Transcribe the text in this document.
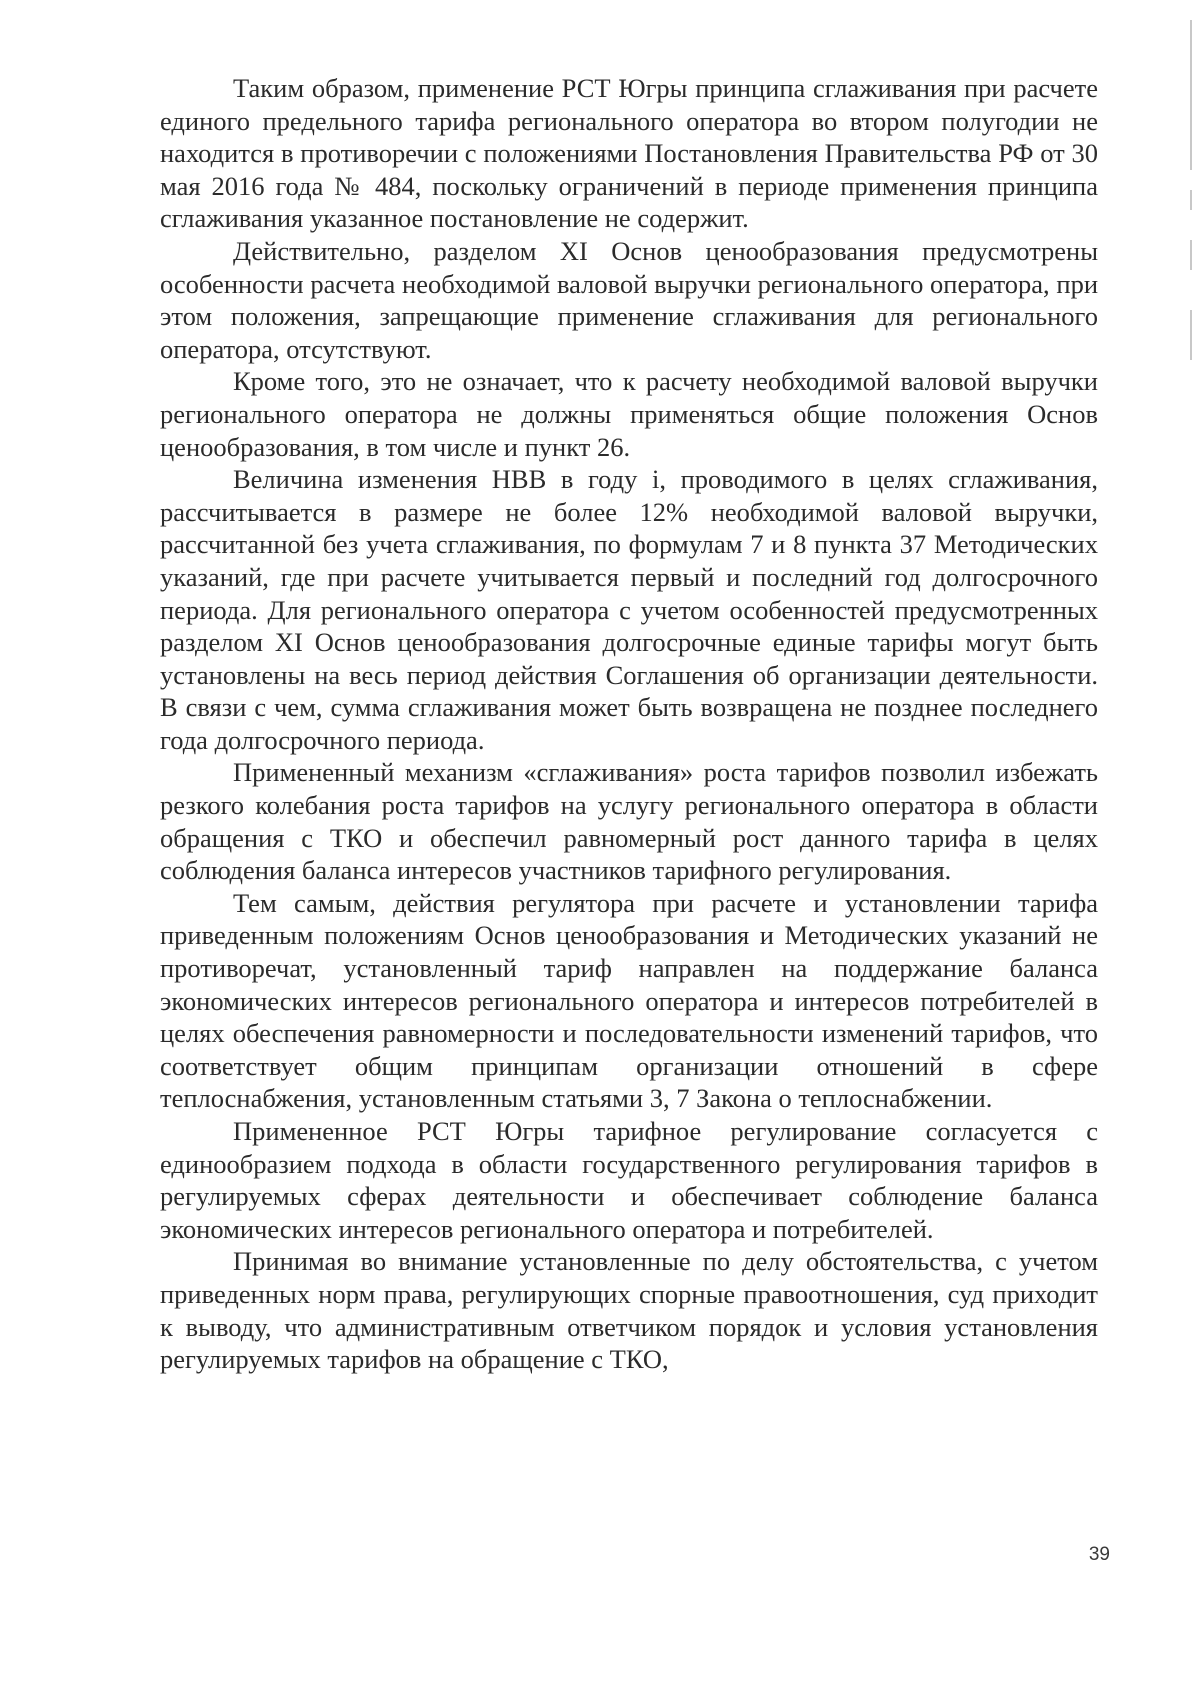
Таким образом, применение РСТ Югры принципа сглаживания при расчете единого предельного тарифа регионального оператора во втором полугодии не находится в противоречии с положениями Постановления Правительства РФ от 30 мая 2016 года № 484, поскольку ограничений в периоде применения принципа сглаживания указанное постановление не содержит.

Действительно, разделом XI Основ ценообразования предусмотрены особенности расчета необходимой валовой выручки регионального оператора, при этом положения, запрещающие применение сглаживания для регионального оператора, отсутствуют.

Кроме того, это не означает, что к расчету необходимой валовой выручки регионального оператора не должны применяться общие положения Основ ценообразования, в том числе и пункт 26.

Величина изменения НВВ в году i, проводимого в целях сглаживания, рассчитывается в размере не более 12% необходимой валовой выручки, рассчитанной без учета сглаживания, по формулам 7 и 8 пункта 37 Методических указаний, где при расчете учитывается первый и последний год долгосрочного периода. Для регионального оператора с учетом особенностей предусмотренных разделом XI Основ ценообразования долгосрочные единые тарифы могут быть установлены на весь период действия Соглашения об организации деятельности. В связи с чем, сумма сглаживания может быть возвращена не позднее последнего года долгосрочного периода.

Примененный механизм «сглаживания» роста тарифов позволил избежать резкого колебания роста тарифов на услугу регионального оператора в области обращения с ТКО и обеспечил равномерный рост данного тарифа в целях соблюдения баланса интересов участников тарифного регулирования.

Тем самым, действия регулятора при расчете и установлении тарифа приведенным положениям Основ ценообразования и Методических указаний не противоречат, установленный тариф направлен на поддержание баланса экономических интересов регионального оператора и интересов потребителей в целях обеспечения равномерности и последовательности изменений тарифов, что соответствует общим принципам организации отношений в сфере теплоснабжения, установленным статьями 3, 7 Закона о теплоснабжении.

Примененное РСТ Югры тарифное регулирование согласуется с единообразием подхода в области государственного регулирования тарифов в регулируемых сферах деятельности и обеспечивает соблюдение баланса экономических интересов регионального оператора и потребителей.

Принимая во внимание установленные по делу обстоятельства, с учетом приведенных норм права, регулирующих спорные правоотношения, суд приходит к выводу, что административным ответчиком порядок и условия установления регулируемых тарифов на обращение с ТКО,

39
